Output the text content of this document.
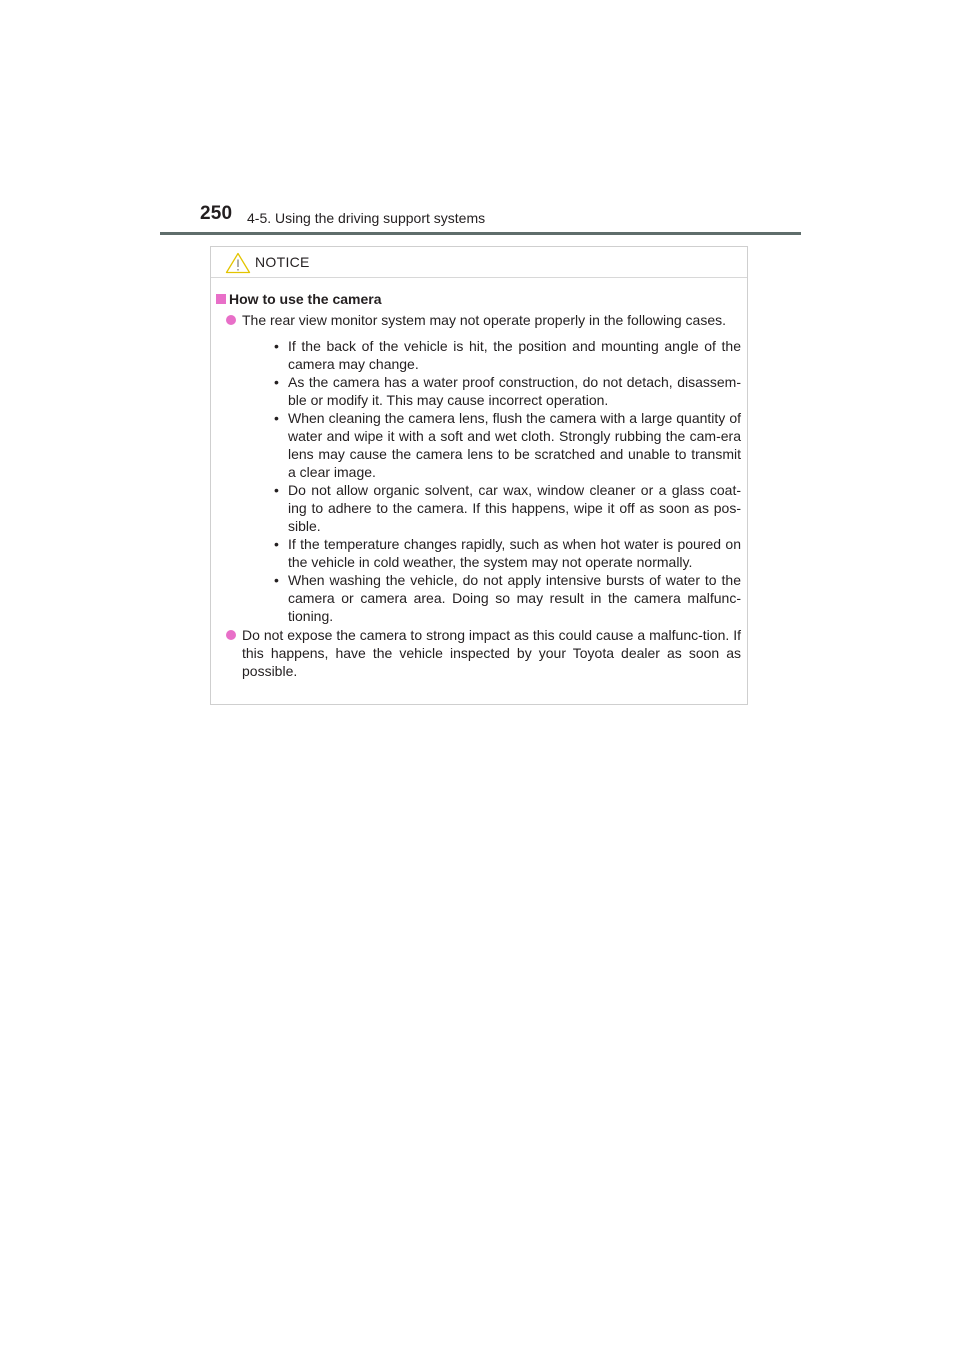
250 4-5. Using the driving support systems
NOTICE
How to use the camera
The rear view monitor system may not operate properly in the following cases.
• If the back of the vehicle is hit, the position and mounting angle of the camera may change.
• As the camera has a water proof construction, do not detach, disassem-ble or modify it. This may cause incorrect operation.
• When cleaning the camera lens, flush the camera with a large quantity of water and wipe it with a soft and wet cloth. Strongly rubbing the cam-era lens may cause the camera lens to be scratched and unable to transmit a clear image.
• Do not allow organic solvent, car wax, window cleaner or a glass coat-ing to adhere to the camera. If this happens, wipe it off as soon as pos-sible.
• If the temperature changes rapidly, such as when hot water is poured on the vehicle in cold weather, the system may not operate normally.
• When washing the vehicle, do not apply intensive bursts of water to the camera or camera area. Doing so may result in the camera malfunc-tioning.
Do not expose the camera to strong impact as this could cause a malfunc-tion. If this happens, have the vehicle inspected by your Toyota dealer as soon as possible.
